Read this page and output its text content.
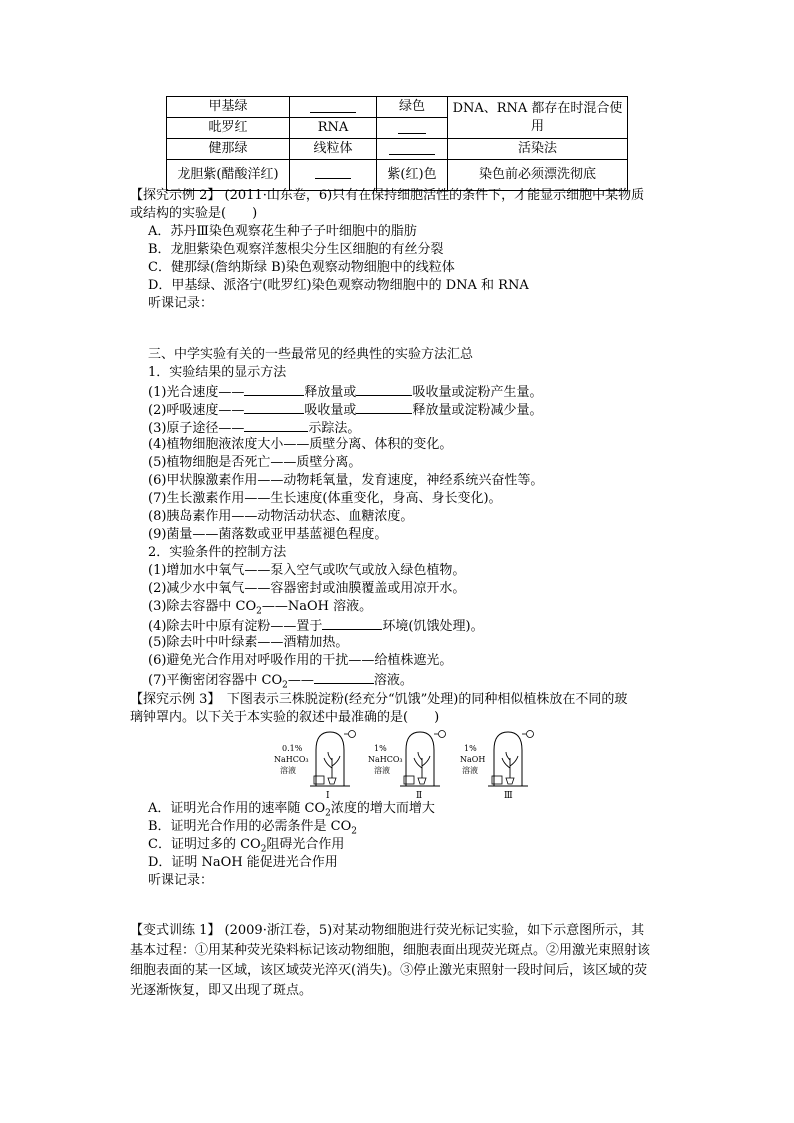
甲基绿		绿色	DNA、RNA 都存在时混合使用
吡罗红	RNA		
健那绿	线粒体		活染法
龙胆紫(醋酸洋红)		紫(红)色	染色前必须漂洗彻底
【探究示例 2】 (2011·山东卷，6)只有在保持细胞活性的条件下，才能显示细胞中某物质
或结构的实验是(　　)
A．苏丹Ⅲ染色观察花生种子子叶细胞中的脂肪
B．龙胆紫染色观察洋葱根尖分生区细胞的有丝分裂
C．健那绿(詹纳斯绿 B)染色观察动物细胞中的线粒体
D．甲基绿、派洛宁(吡罗红)染色观察动物细胞中的 DNA 和 RNA
听课记录：
三、中学实验有关的一些最常见的经典性的实验方法汇总
1．实验结果的显示方法
(1)光合速度——	释放量或	吸收量或淀粉产生量。
(2)呼吸速度——	吸收量或	释放量或淀粉减少量。
(3)原子途径——	示踪法。
(4)植物细胞液浓度大小——质壁分离、体积的变化。
(5)植物细胞是否死亡——质壁分离。
(6)甲状腺激素作用——动物耗氧量，发育速度，神经系统兴奋性等。
(7)生长激素作用——生长速度(体重变化，身高、身长变化)。
(8)胰岛素作用——动物活动状态、血糖浓度。
(9)菌量——菌落数或亚甲基蓝褪色程度。
2．实验条件的控制方法
(1)增加水中氧气——泵入空气或吹气或放入绿色植物。
(2)减少水中氧气——容器密封或油膜覆盖或用凉开水。
(3)除去容器中 $CO_2——NaOH$ 溶液。
(4)除去叶中原有淀粉——置于	环境(饥饿处理)。
(5)除去叶中叶绿素——酒精加热。
(6)避免光合作用对呼吸作用的干扰——给植株遮光。
(7)平衡密闭容器中 $CO_2——$	溶液。
【探究示例 3】　下图表示三株脱淀粉(经充分“饥饿”处理)的同种相似植株放在不同的玻
璃钟罩内。以下关于本实验的叙述中最准确的是(　　)
0.1%
NaHCO₃
溶液
Ⅰ
1%
NaHCO₃
溶液
Ⅱ
1%
NaOH
溶液
Ⅲ
A．证明光合作用的速率随 $CO_2$浓度的增大而增大
B．证明光合作用的必需条件是 $CO_2$
C．证明过多的 $CO_2$阻碍光合作用
D．证明 NaOH 能促进光合作用
听课记录：
【变式训练 1】 (2009·浙江卷，5)对某动物细胞进行荧光标记实验，如下示意图所示，其
基本过程：①用某种荧光染料标记该动物细胞，细胞表面出现荧光斑点。②用激光束照射该
细胞表面的某一区域，该区域荧光淬灭(消失)。③停止激光束照射一段时间后，该区域的荧
光逐渐恢复，即又出现了斑点。
